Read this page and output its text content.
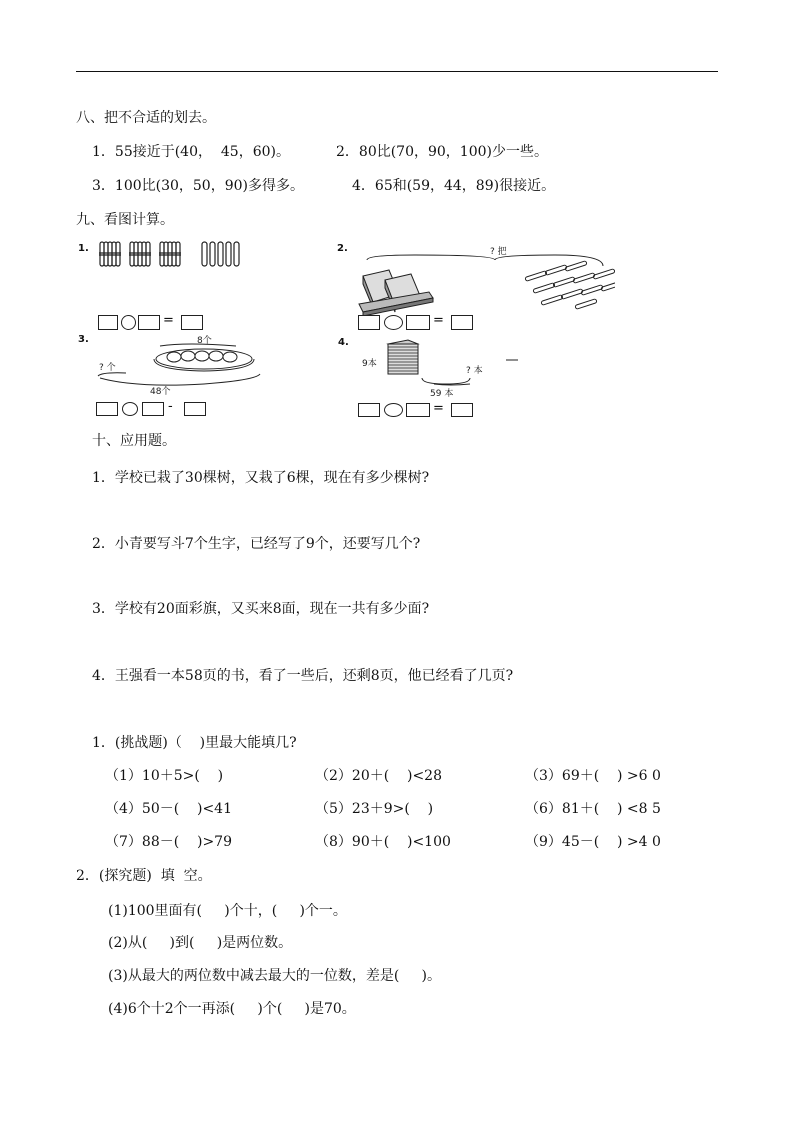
八、把不合适的划去。
1．55接近于(40，  45，60)。	2．80比(70，90，100)少一些。
3．100比(30，50，90)多得多。	4．65和(59，44，89)很接近。
九、看图计算。
1.
=
2.	? 把
=
3.	8个
? 个
48个
-
4.
9本
? 本
59 本
=
十、应用题。
1．学校已栽了30棵树，又栽了6棵，现在有多少棵树?
2．小青要写斗7个生字，已经写了9个，还要写几个?
3．学校有20面彩旗，又买来8面，现在一共有多少面?
4．王强看一本58页的书，看了一些后，还剩8页，他已经看了几页?
1．(挑战题)（    )里最大能填几?
（1）10＋5>(    )	（2）20＋(    )<28	（3）69＋(    ) >6 0
（4）50－(    )<41	（5）23＋9>(    )	（6）81＋(    ) <8 5
（7）88－(    )>79	（8）90＋(    )<100	（9）45－(    ) >4 0
2．(探究题)  填  空。
(1)100里面有(     )个十，(     )个一。
(2)从(     )到(     )是两位数。
(3)从最大的两位数中减去最大的一位数，差是(     )。
(4)6个十2个一再添(     )个(     )是70。
